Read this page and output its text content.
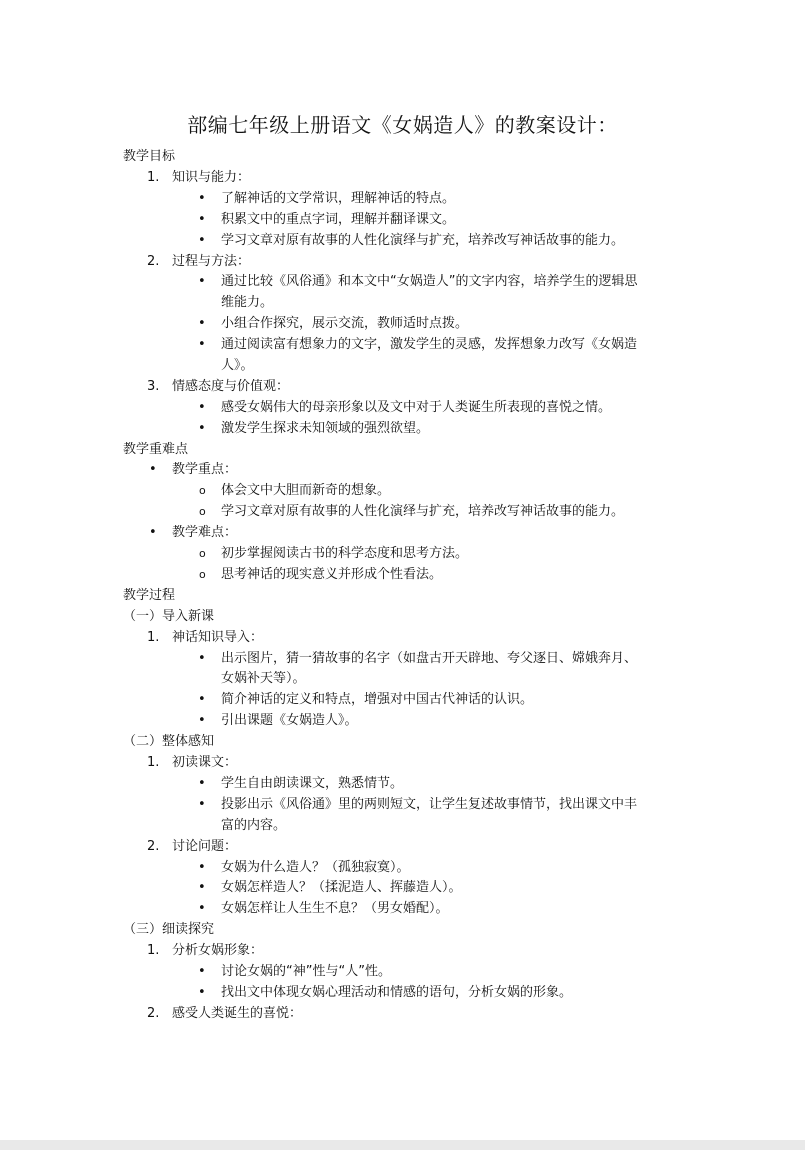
部编七年级上册语文《女娲造人》的教案设计：
教学目标
1. 知识与能力：
• 了解神话的文学常识，理解神话的特点。
• 积累文中的重点字词，理解并翻译课文。
• 学习文章对原有故事的人性化演绎与扩充，培养改写神话故事的能力。
2. 过程与方法：
• 通过比较《风俗通》和本文中“女娲造人”的文字内容，培养学生的逻辑思
维能力。
• 小组合作探究，展示交流，教师适时点拨。
• 通过阅读富有想象力的文字，激发学生的灵感，发挥想象力改写《女娲造
人》。
3. 情感态度与价值观：
• 感受女娲伟大的母亲形象以及文中对于人类诞生所表现的喜悦之情。
• 激发学生探求未知领域的强烈欲望。
教学重难点
• 教学重点：
o 体会文中大胆而新奇的想象。
o 学习文章对原有故事的人性化演绎与扩充，培养改写神话故事的能力。
• 教学难点：
o 初步掌握阅读古书的科学态度和思考方法。
o 思考神话的现实意义并形成个性看法。
教学过程
（一）导入新课
1. 神话知识导入：
• 出示图片，猜一猜故事的名字（如盘古开天辟地、夸父逐日、嫦娥奔月、
女娲补天等）。
• 简介神话的定义和特点，增强对中国古代神话的认识。
• 引出课题《女娲造人》。
（二）整体感知
1. 初读课文：
• 学生自由朗读课文，熟悉情节。
• 投影出示《风俗通》里的两则短文，让学生复述故事情节，找出课文中丰
富的内容。
2. 讨论问题：
• 女娲为什么造人？（孤独寂寞）。
• 女娲怎样造人？（揉泥造人、挥藤造人）。
• 女娲怎样让人生生不息？（男女婚配）。
（三）细读探究
1. 分析女娲形象：
• 讨论女娲的“神”性与“人”性。
• 找出文中体现女娲心理活动和情感的语句，分析女娲的形象。
2. 感受人类诞生的喜悦：
